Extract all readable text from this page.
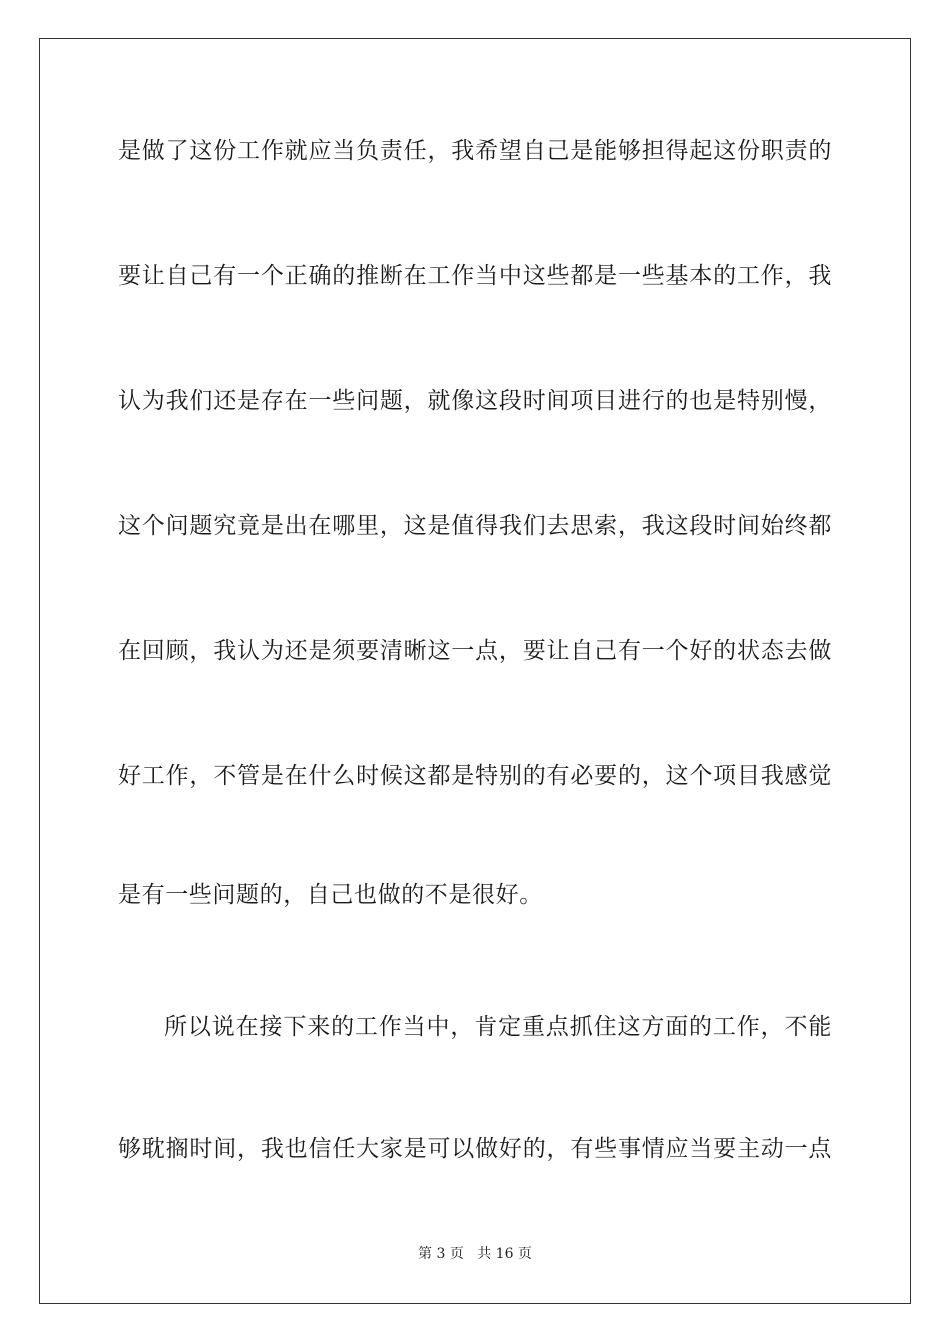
是做了这份工作就应当负责任，我希望自己是能够担得起这份职责的
要让自己有一个正确的推断在工作当中这些都是一些基本的工作，我
认为我们还是存在一些问题，就像这段时间项目进行的也是特别慢，
这个问题究竟是出在哪里，这是值得我们去思索，我这段时间始终都
在回顾，我认为还是须要清晰这一点，要让自己有一个好的状态去做
好工作，不管是在什么时候这都是特别的有必要的，这个项目我感觉
是有一些问题的，自己也做的不是很好。
所以说在接下来的工作当中，肯定重点抓住这方面的工作，不能
够耽搁时间，我也信任大家是可以做好的，有些事情应当要主动一点
第 3 页 共 16 页
